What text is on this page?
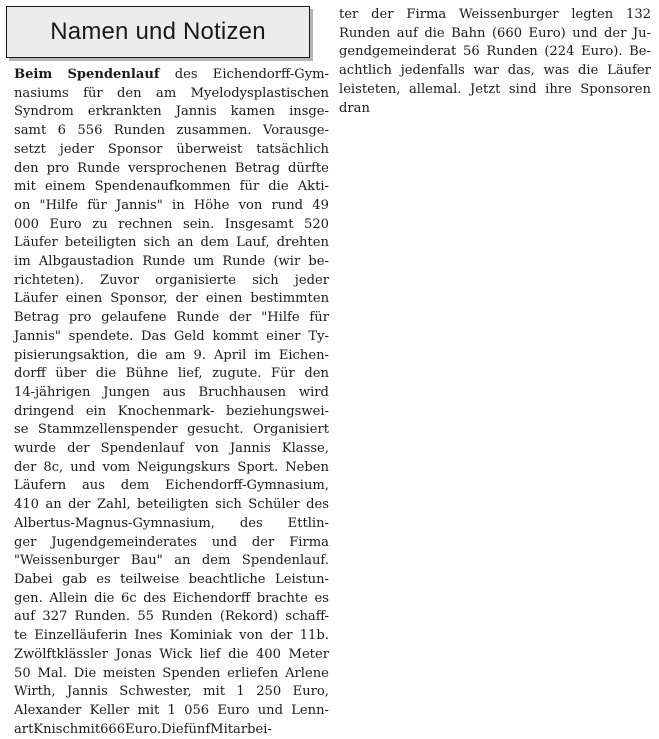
Namen und Notizen
Beim Spendenlauf des Eichendorff-Gym-
nasiums für den am Myelodysplastischen
Syndrom erkrankten Jannis kamen insge-
samt 6 556 Runden zusammen. Vorausge-
setzt jeder Sponsor überweist tatsächlich
den pro Runde versprochenen Betrag dürfte
mit einem Spendenaufkommen für die Akti-
on "Hilfe für Jannis" in Höhe von rund 49
000 Euro zu rechnen sein. Insgesamt 520
Läufer beteiligten sich an dem Lauf, drehten
im Albgaustadion Runde um Runde (wir be-
richteten). Zuvor organisierte sich jeder
Läufer einen Sponsor, der einen bestimmten
Betrag pro gelaufene Runde der "Hilfe für
Jannis" spendete. Das Geld kommt einer Ty-
pisierungsaktion, die am 9. April im Eichen-
dorff über die Bühne lief, zugute. Für den
14-jährigen Jungen aus Bruchhausen wird
dringend ein Knochenmark- beziehungswei-
se Stammzellenspender gesucht. Organisiert
wurde der Spendenlauf von Jannis Klasse,
der 8c, und vom Neigungskurs Sport. Neben
Läufern aus dem Eichendorff-Gymnasium,
410 an der Zahl, beteiligten sich Schüler des
Albertus-Magnus-Gymnasium, des Ettlin-
ger Jugendgemeinderates und der Firma
"Weissenburger Bau" an dem Spendenlauf.
Dabei gab es teilweise beachtliche Leistun-
gen. Allein die 6c des Eichendorff brachte es
auf 327 Runden. 55 Runden (Rekord) schaff-
te Einzelläuferin Ines Kominiak von der 11b.
Zwölftklässler Jonas Wick lief die 400 Meter
50 Mal. Die meisten Spenden erliefen Arlene
Wirth, Jannis Schwester, mit 1 250 Euro,
Alexander Keller mit 1 056 Euro und Lenn-
art Knisch mit 666 Euro. Die fünf Mitarbei-
ter der Firma Weissenburger legten 132
Runden auf die Bahn (660 Euro) und der Ju-
gendgemeinderat 56 Runden (224 Euro). Be-
achtlich jedenfalls war das, was die Läufer
leisteten, allemal. Jetzt sind ihre Sponsoren
dran
